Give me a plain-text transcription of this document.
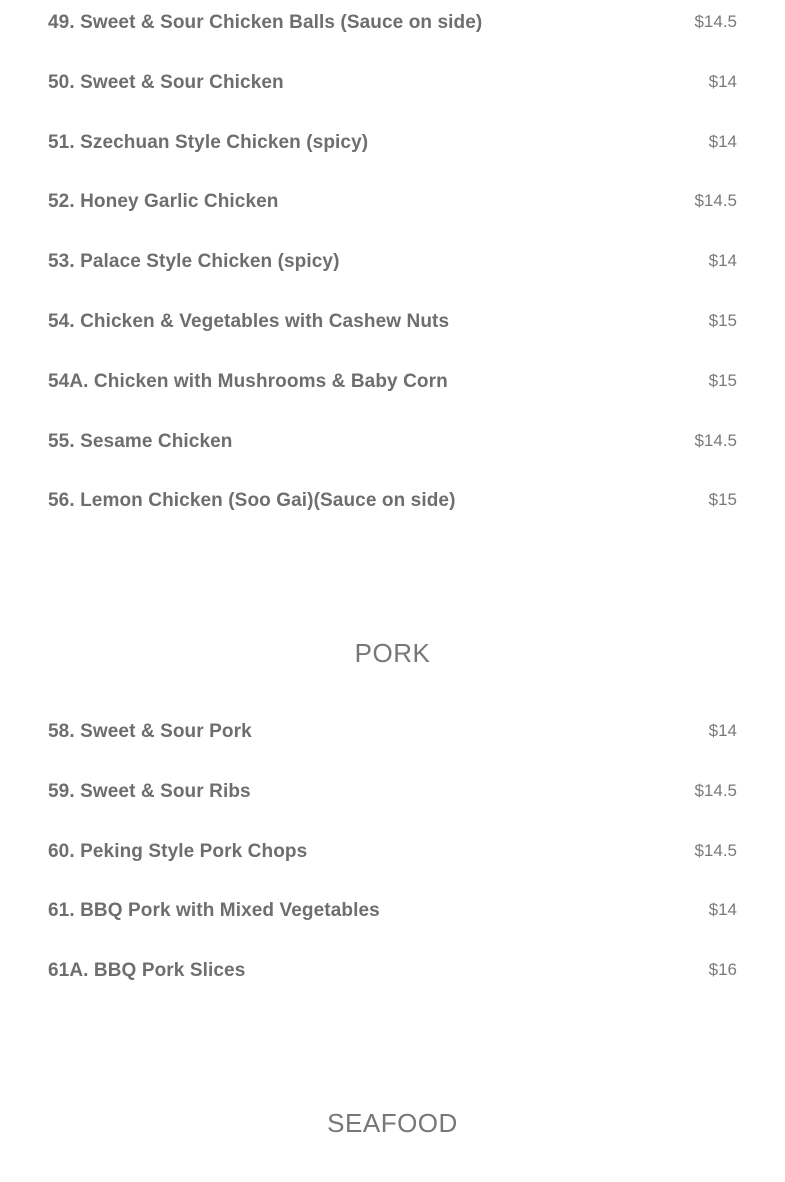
49. Sweet & Sour Chicken Balls (Sauce on side)	$14.5
50. Sweet & Sour Chicken	$14
51. Szechuan Style Chicken (spicy)	$14
52. Honey Garlic Chicken	$14.5
53. Palace Style Chicken (spicy)	$14
54. Chicken & Vegetables with Cashew Nuts	$15
54A. Chicken with Mushrooms & Baby Corn	$15
55. Sesame Chicken	$14.5
56. Lemon Chicken (Soo Gai)(Sauce on side)	$15
PORK
58. Sweet & Sour Pork	$14
59. Sweet & Sour Ribs	$14.5
60. Peking Style Pork Chops	$14.5
61. BBQ Pork with Mixed Vegetables	$14
61A. BBQ Pork Slices	$16
SEAFOOD
